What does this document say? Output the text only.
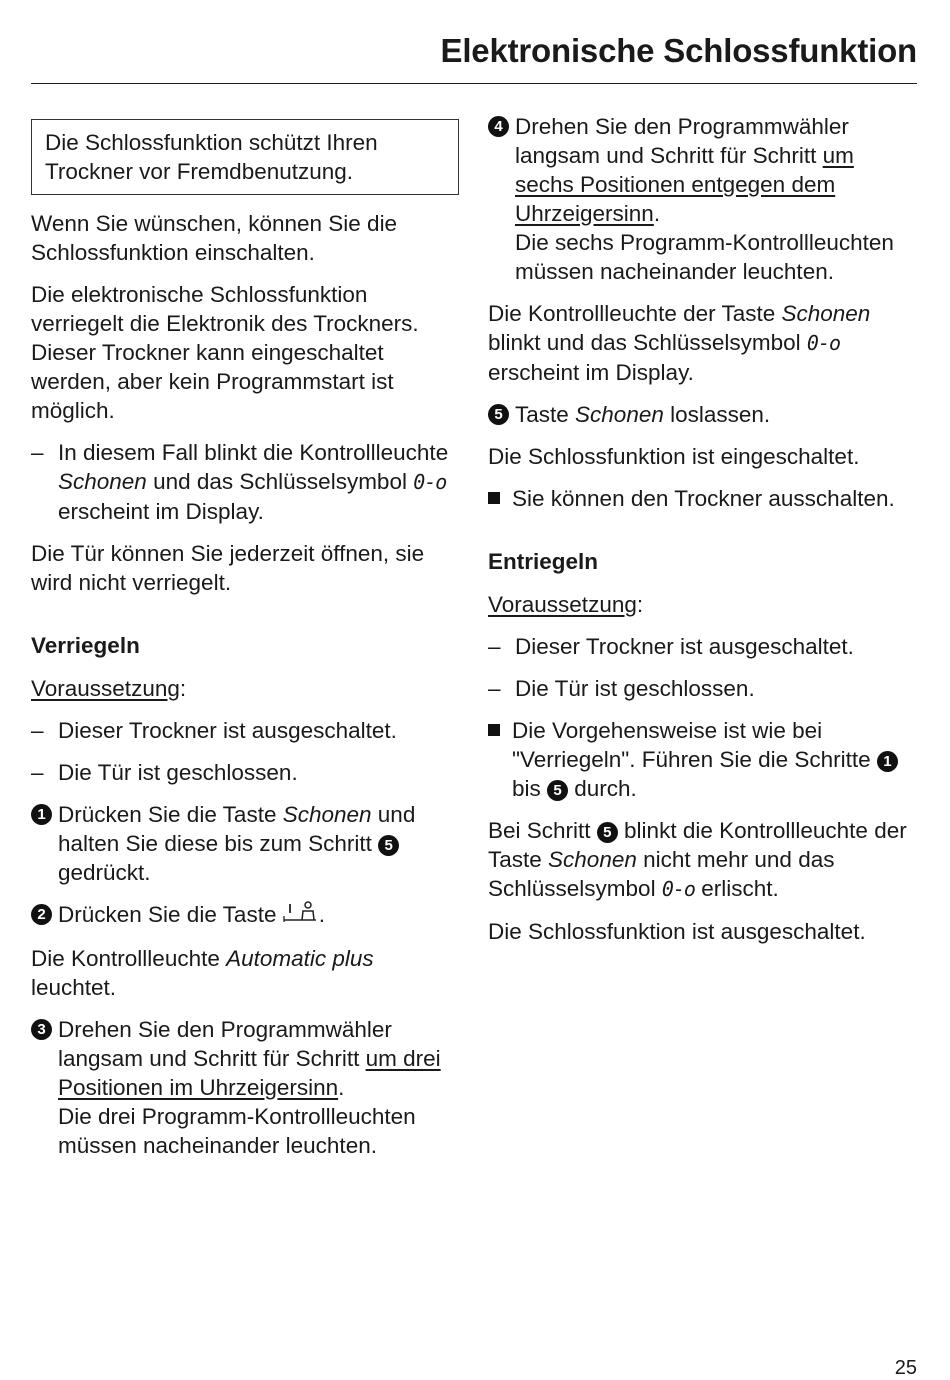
Elektronische Schlossfunktion
Die Schlossfunktion schützt Ihren
Trockner vor Fremdbenutzung.

Wenn Sie wünschen, können Sie die Schlossfunktion einschalten.

Die elektronische Schlossfunktion verriegelt die Elektronik des Trockners. Dieser Trockner kann eingeschaltet werden, aber kein Programmstart ist möglich.

– In diesem Fall blinkt die Kontrollleuchte Schonen und das Schlüsselsymbol 0-o erscheint im Display.

Die Tür können Sie jederzeit öffnen, sie wird nicht verriegelt.

Verriegeln

Voraussetzung:

– Dieser Trockner ist ausgeschaltet.
– Die Tür ist geschlossen.
1 Drücken Sie die Taste Schonen und halten Sie diese bis zum Schritt 5 gedrückt.
2 Drücken Sie die Taste .

Die Kontrollleuchte Automatic plus leuchtet.

3 Drehen Sie den Programmwähler langsam und Schritt für Schritt um drei Positionen im Uhrzeigersinn.
Die drei Programm-Kontrollleuchten müssen nacheinander leuchten.
4 Drehen Sie den Programmwähler langsam und Schritt für Schritt um sechs Positionen entgegen dem Uhrzeigersinn.
Die sechs Programm-Kontrollleuchten müssen nacheinander leuchten.

Die Kontrollleuchte der Taste Schonen blinkt und das Schlüsselsymbol 0-o erscheint im Display.

5 Taste Schonen loslassen.

Die Schlossfunktion ist eingeschaltet.

Sie können den Trockner ausschalten.
Entriegeln

Voraussetzung:

– Dieser Trockner ist ausgeschaltet.
– Die Tür ist geschlossen.
Die Vorgehensweise ist wie bei "Verriegeln". Führen Sie die Schritte 1 bis 5 durch.

Bei Schritt 5 blinkt die Kontrollleuchte der Taste Schonen nicht mehr und das Schlüsselsymbol 0-o erlischt.

Die Schlossfunktion ist ausgeschaltet.

25
